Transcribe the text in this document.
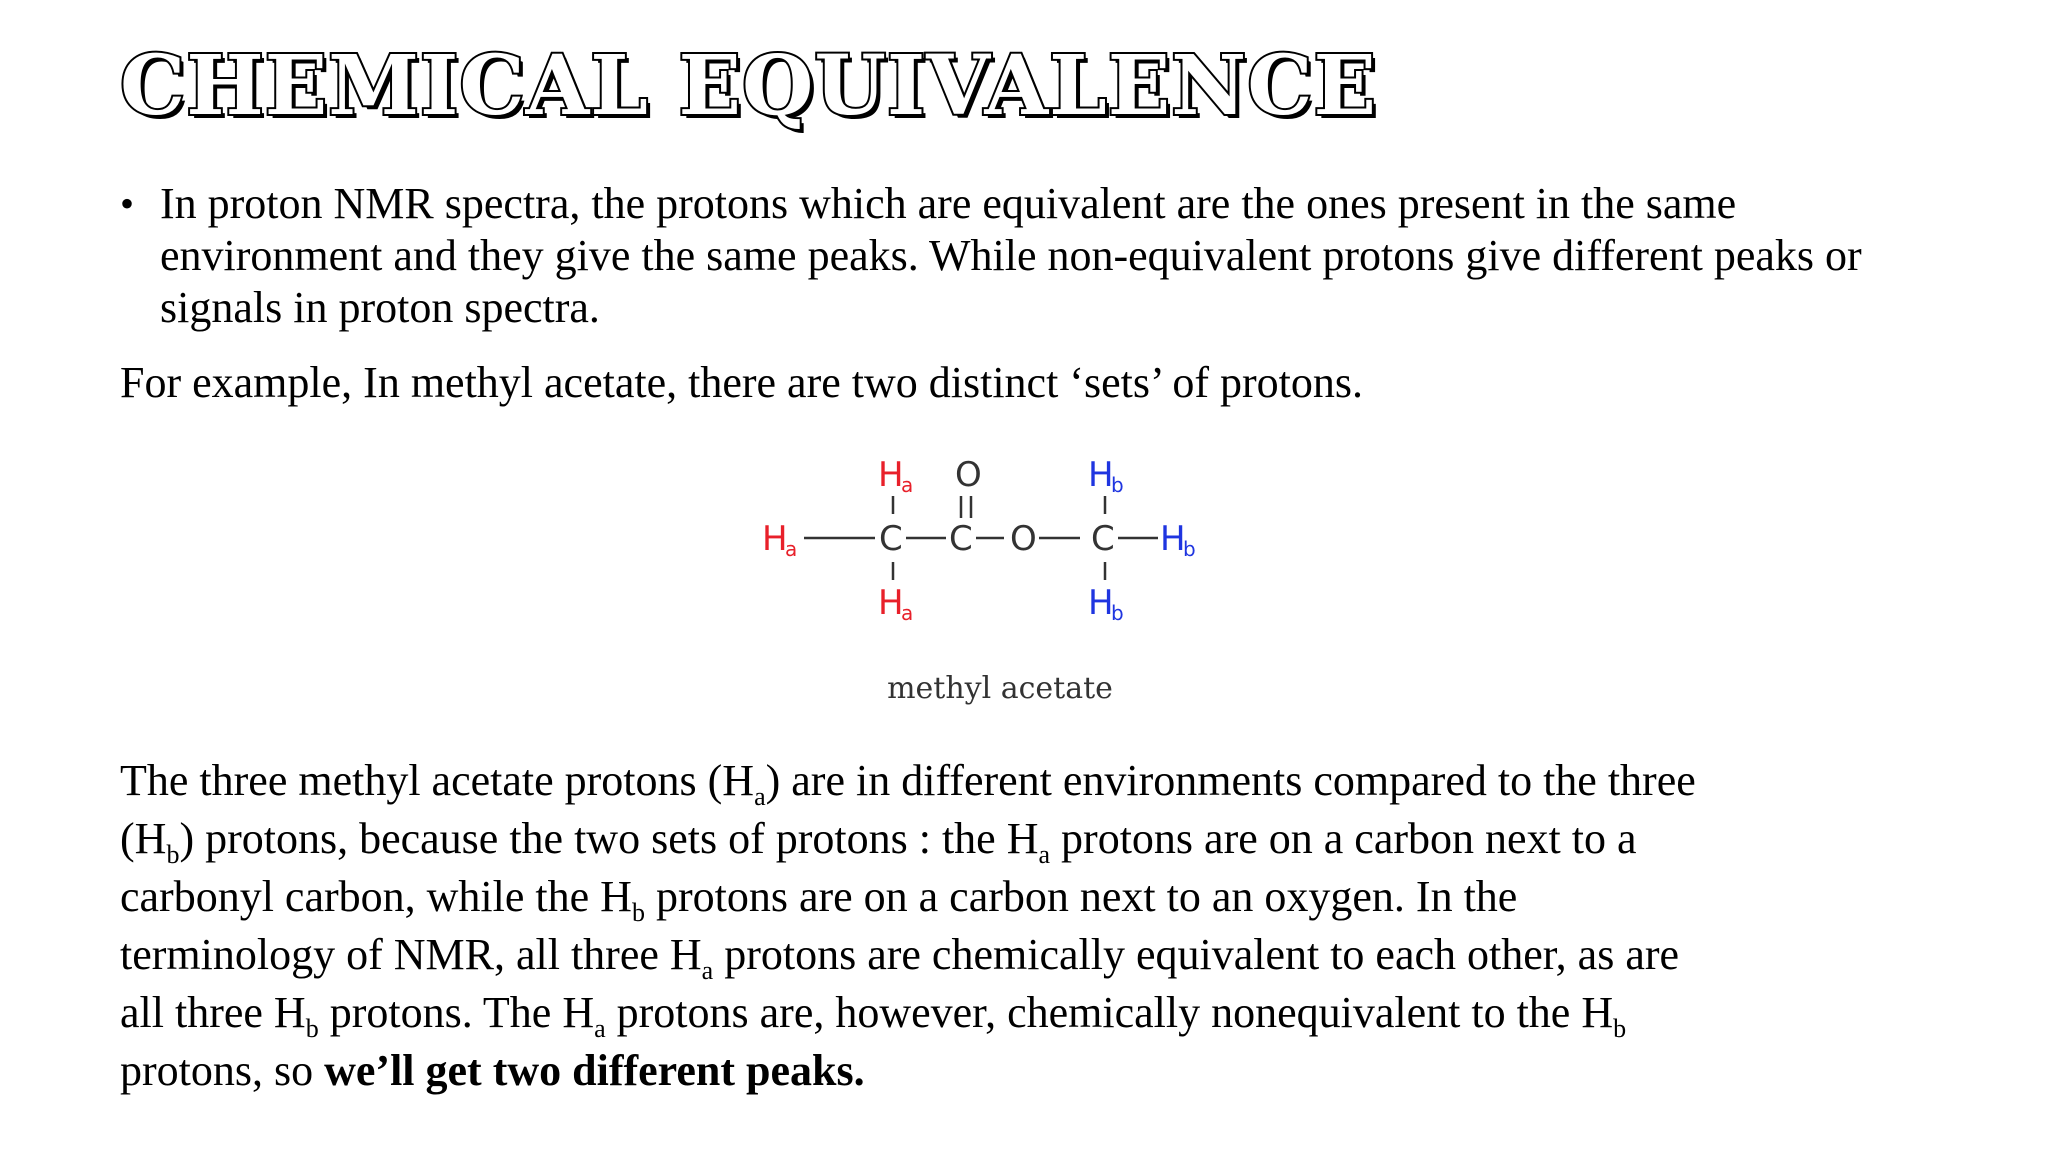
CHEMICAL EQUIVALENCE
• In proton NMR spectra, the protons which are equivalent are the ones present in the same environment and they give the same peaks. While non-equivalent protons give different peaks or signals in proton spectra.
For example, In methyl acetate, there are two distinct ‘sets’ of protons.
H
a O	H
b
H
a C C O C H
b
H
a	H
b
methyl acetate
The three methyl acetate protons $(H_a)$ are in different environments compared to the three
$(H_b)$ protons, because the two sets of protons : the $H_a$ protons are on a carbon next to a
carbonyl carbon, while the $H_b$ protons are on a carbon next to an oxygen. In the
terminology of NMR, all three $H_a$ protons are chemically equivalent to each other, as are
all three $H_b$ protons. The $H_a$ protons are, however, chemically nonequivalent to the $H_b$
protons, so we’ll get two different peaks.
